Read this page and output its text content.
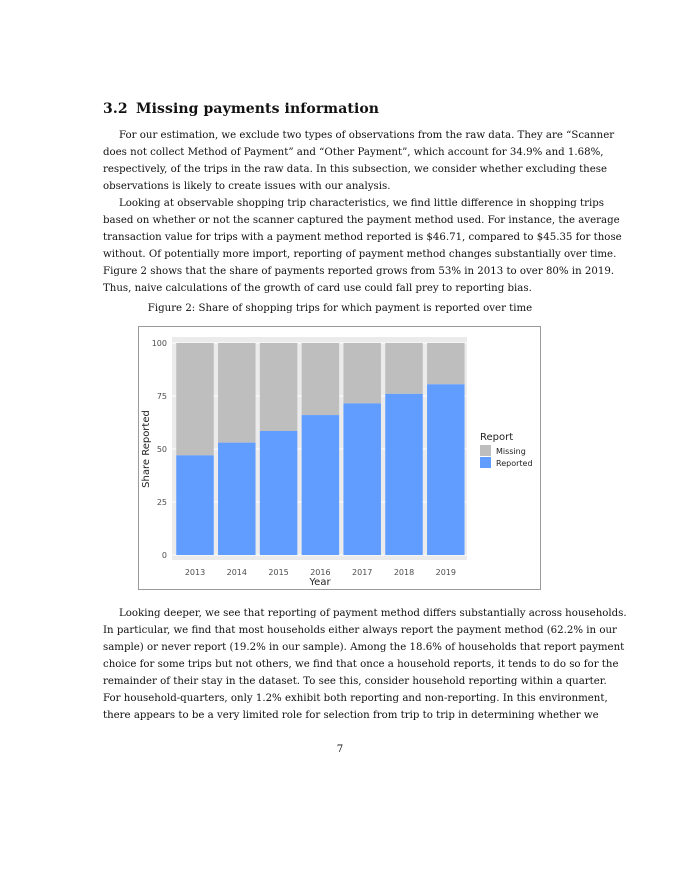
3.2 Missing payments information

For our estimation, we exclude two types of observations from the raw data. They are “Scanner
does not collect Method of Payment” and “Other Payment”, which account for 34.9% and 1.68%,
respectively, of the trips in the raw data. In this subsection, we consider whether excluding these
observations is likely to create issues with our analysis.

Looking at observable shopping trip characteristics, we find little difference in shopping trips
based on whether or not the scanner captured the payment method used. For instance, the average
transaction value for trips with a payment method reported is $46.71, compared to $45.35 for those
without. Of potentially more import, reporting of payment method changes substantially over time.
Figure 2 shows that the share of payments reported grows from 53% in 2013 to over 80% in 2019.
Thus, naive calculations of the growth of card use could fall prey to reporting bias.

Figure 2: Share of shopping trips for which payment is reported over time
0
25
50
75
100
2013	2014	2015	2016	2017	2018	2019
Year
Share Reported	Report
Missing
Reported

Looking deeper, we see that reporting of payment method differs substantially across households.
In particular, we find that most households either always report the payment method (62.2% in our
sample) or never report (19.2% in our sample). Among the 18.6% of households that report payment
choice for some trips but not others, we find that once a household reports, it tends to do so for the
remainder of their stay in the dataset. To see this, consider household reporting within a quarter.
For household-quarters, only 1.2% exhibit both reporting and non-reporting. In this environment,
there appears to be a very limited role for selection from trip to trip in determining whether we

7
